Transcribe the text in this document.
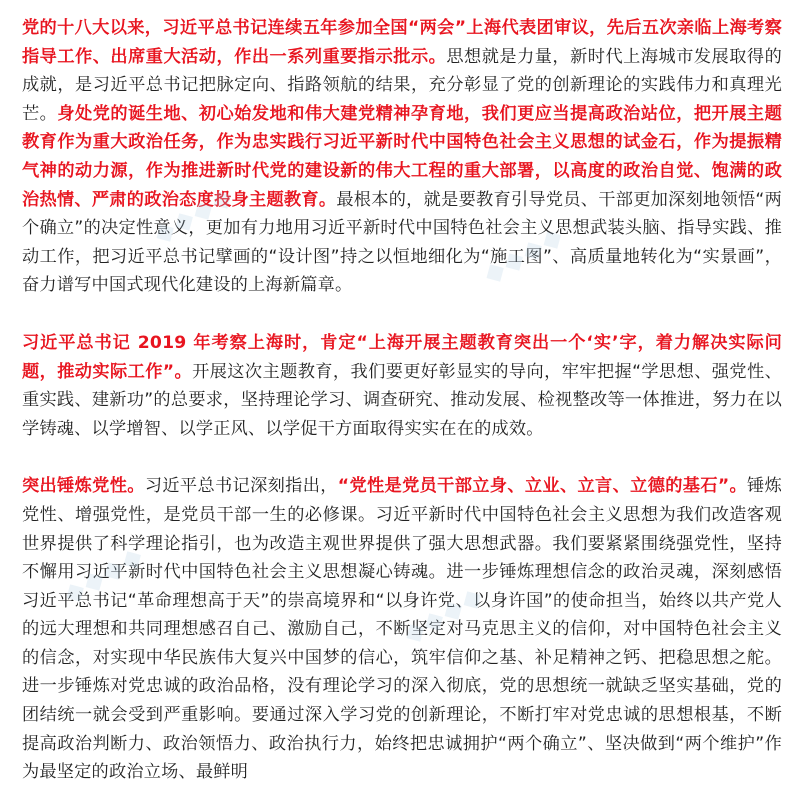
党的十八大以来，习近平总书记连续五年参加全国“两会”上海代表团审议，先后五次亲临上海考察指导工作、出席重大活动，作出一系列重要指示批示。思想就是力量，新时代上海城市发展取得的成就，是习近平总书记把脉定向、指路领航的结果，充分彰显了党的创新理论的实践伟力和真理光芒。身处党的诞生地、初心始发地和伟大建党精神孕育地，我们更应当提高政治站位，把开展主题教育作为重大政治任务，作为忠实践行习近平新时代中国特色社会主义思想的试金石，作为提振精气神的动力源，作为推进新时代党的建设新的伟大工程的重大部署，以高度的政治自觉、饱满的政治热情、严肃的政治态度投身主题教育。最根本的，就是要教育引导党员、干部更加深刻地领悟“两个确立”的决定性意义，更加有力地用习近平新时代中国特色社会主义思想武装头脑、指导实践、推动工作，把习近平总书记擘画的“设计图”持之以恒地细化为“施工图”、高质量地转化为“实景画”，奋力谱写中国式现代化建设的上海新篇章。

习近平总书记 2019 年考察上海时，肯定“上海开展主题教育突出一个‘实’字，着力解决实际问题，推动实际工作”。开展这次主题教育，我们要更好彰显实的导向，牢牢把握“学思想、强党性、重实践、建新功”的总要求，坚持理论学习、调查研究、推动发展、检视整改等一体推进，努力在以学铸魂、以学增智、以学正风、以学促干方面取得实实在在的成效。

突出锤炼党性。习近平总书记深刻指出，“党性是党员干部立身、立业、立言、立德的基石”。锤炼党性、增强党性，是党员干部一生的必修课。习近平新时代中国特色社会主义思想为我们改造客观世界提供了科学理论指引，也为改造主观世界提供了强大思想武器。我们要紧紧围绕强党性，坚持不懈用习近平新时代中国特色社会主义思想凝心铸魂。进一步锤炼理想信念的政治灵魂，深刻感悟习近平总书记“革命理想高于天”的崇高境界和“以身许党、以身许国”的使命担当，始终以共产党人的远大理想和共同理想感召自己、激励自己，不断坚定对马克思主义的信仰，对中国特色社会主义的信念，对实现中华民族伟大复兴中国梦的信心，筑牢信仰之基、补足精神之钙、把稳思想之舵。进一步锤炼对党忠诚的政治品格，没有理论学习的深入彻底，党的思想统一就缺乏坚实基础，党的团结统一就会受到严重影响。要通过深入学习党的创新理论，不断打牢对党忠诚的思想根基，不断提高政治判断力、政治领悟力、政治执行力，始终把忠诚拥护“两个确立”、坚决做到“两个维护”作为最坚定的政治立场、最鲜明

◆◆◆◆
◆◆◆◆
◆◆◆◆
◆◆◆◆
